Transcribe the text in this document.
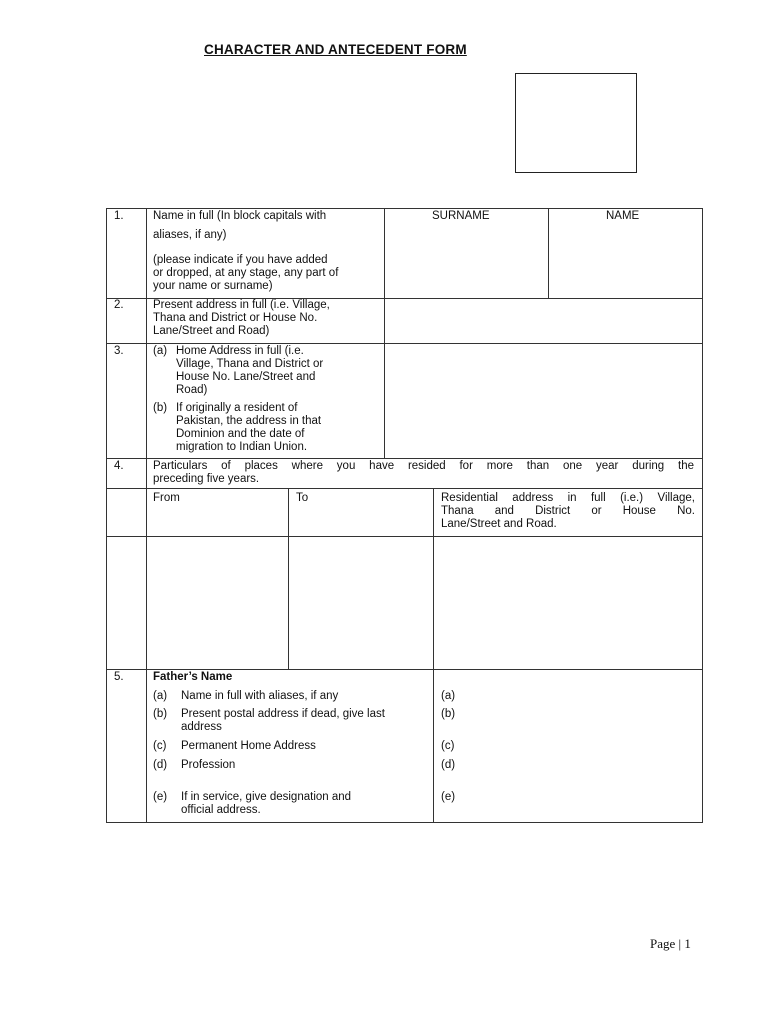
CHARACTER AND ANTECEDENT FORM
1.	Name in full (In block capitals with
aliases, if any)
(please indicate if you have added
or dropped, at any stage, any part of
your name or surname)
SURNAME	NAME
2.	Present address in full (i.e. Village,
Thana and District or House No.
Lane/Street and Road)
3.	(a) Home Address in full (i.e.
Village, Thana and District or
House No. Lane/Street and
Road)
(b) If originally a resident of
Pakistan, the address in that
Dominion and the date of
migration to Indian Union.
4.	Particulars of places where you have resided for more than one year during the
preceding five years.
From	To	Residential address in full (i.e.) Village,
Thana and District or House No.
Lane/Street and Road.
5.	Father’s Name
(a) Name in full with aliases, if any	(a)
(b) Present postal address if dead, give last
address
(b)
(c) Permanent Home Address	(c)
(d) Profession	(d)
(e) If in service, give designation and
official address.
(e)
Page | 1
